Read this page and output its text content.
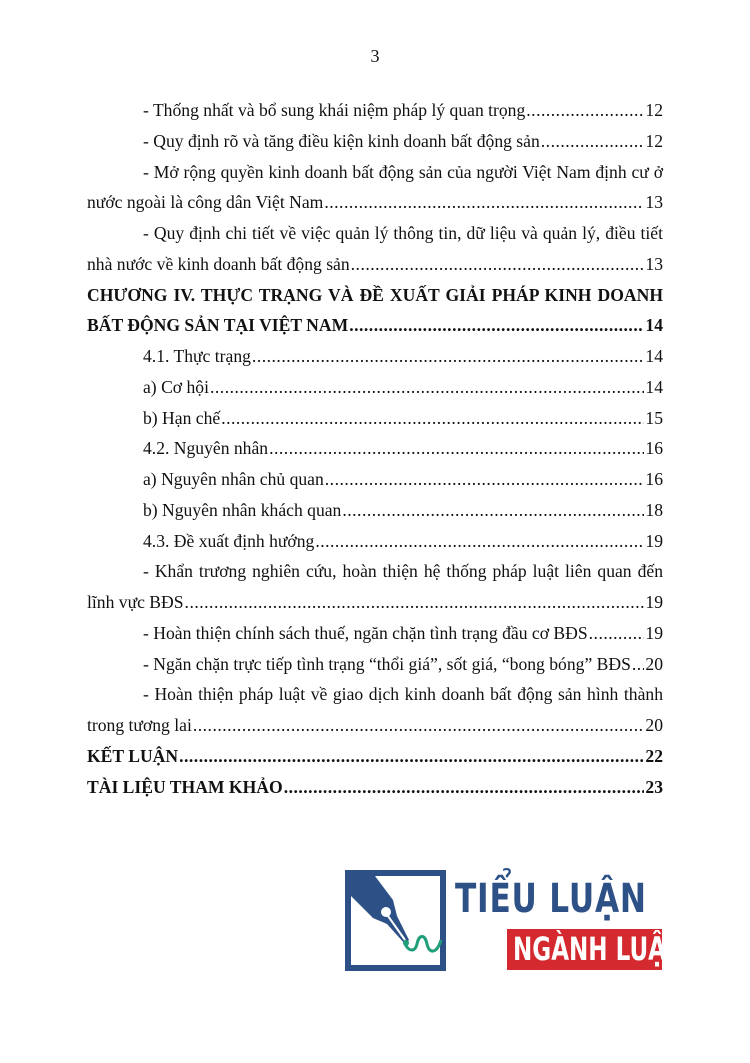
3
- Thống nhất và bổ sung khái niệm pháp lý quan trọng .....	12
- Quy định rõ và tăng điều kiện kinh doanh bất động sản .....	12
- Mở rộng quyền kinh doanh bất động sản của người Việt Nam định cư ở
nước ngoài là công dân Việt Nam .....	13
- Quy định chi tiết về việc quản lý thông tin, dữ liệu và quản lý, điều tiết
nhà nước về kinh doanh bất động sản .....	13
CHƯƠNG IV. THỰC TRẠNG VÀ ĐỀ XUẤT GIẢI PHÁP KINH DOANH
BẤT ĐỘNG SẢN TẠI VIỆT NAM .....	14
4.1. Thực trạng .....	14
a) Cơ hội .....	14
b) Hạn chế .....	15
4.2. Nguyên nhân .....	16
a) Nguyên nhân chủ quan .....	16
b) Nguyên nhân khách quan .....	18
4.3. Đề xuất định hướng .....	19
- Khẩn trương nghiên cứu, hoàn thiện hệ thống pháp luật liên quan đến
lĩnh vực BĐS .....	19
- Hoàn thiện chính sách thuế, ngăn chặn tình trạng đầu cơ BĐS .....	19
- Ngăn chặn trực tiếp tình trạng “thổi giá”, sốt giá, “bong bóng” BĐS ..... 20
- Hoàn thiện pháp luật về giao dịch kinh doanh bất động sản hình thành
trong tương lai .....	20
KẾT LUẬN .....	22
TÀI LIỆU THAM KHẢO .....	23
TIỂU LUẬN
NGÀNH LUẬT
